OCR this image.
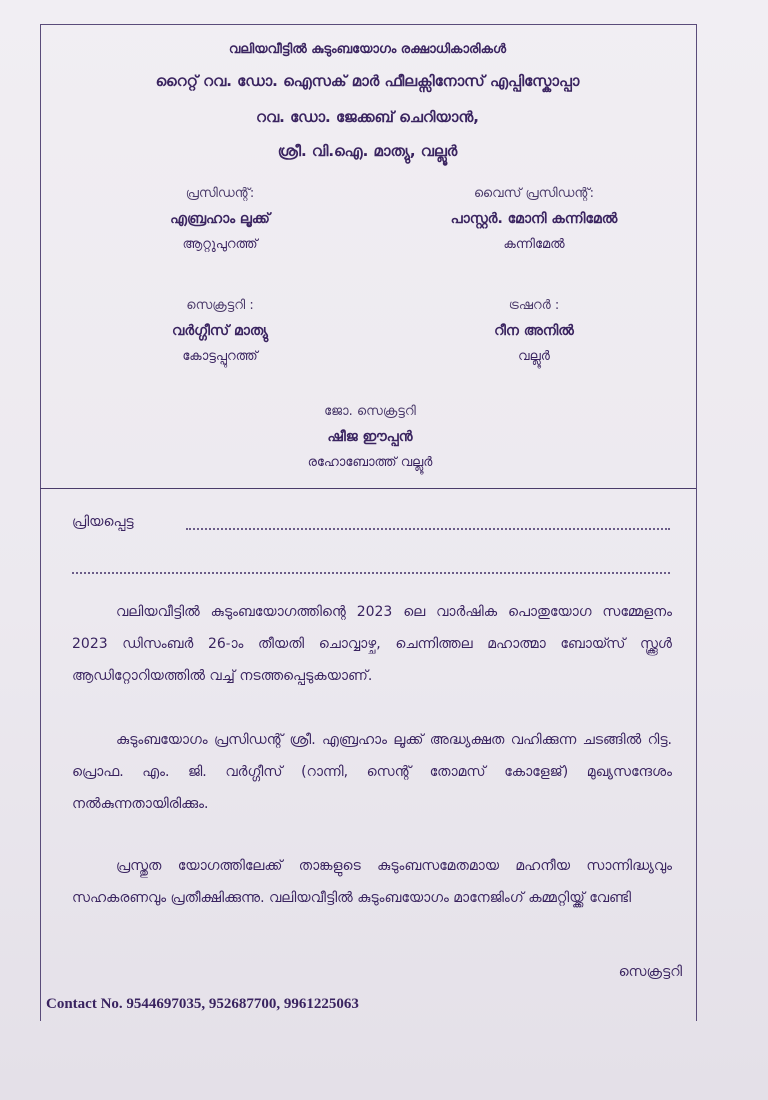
വലിയവീട്ടിൽ കുടുംബയോഗം രക്ഷാധികാരികൾ
റൈറ്റ് റവ. ഡോ. ഐസക് മാർ ഫീലക്സിനോസ് എപ്പിസ്കോപ്പാ
റവ. ഡോ. ജേക്കബ് ചെറിയാൻ,
ശ്രീ. വി.ഐ. മാത്യു, വല്ലൂർ
പ്രസിഡന്റ്:
എബ്രഹാം ലൂക്ക്
ആറ്റുപുറത്ത്
വൈസ് പ്രസിഡന്റ്:
പാസ്റ്റർ. മോനി കന്നിമേൽ
കന്നിമേൽ
സെക്രട്ടറി :
വർഗ്ഗീസ് മാത്യു
കോട്ടപ്പുറത്ത്
ട്രഷറർ :
റീന അനിൽ
വല്ലൂർ
ജോ. സെക്രട്ടറി
ഷീജ ഈപ്പൻ
രഹോബോത്ത് വല്ലൂർ
പ്രിയപ്പെട്ട
വലിയവീട്ടിൽ കുടുംബയോഗത്തിന്റെ 2023 ലെ വാർഷിക പൊതുയോഗ സമ്മേളനം 2023 ഡിസംബർ 26-ാം തീയതി ചൊവ്വാഴ്ച, ചെന്നിത്തല മഹാത്മാ ബോയ്സ് സ്ക്കൂൾ ആഡിറ്റോറിയത്തിൽ വച്ച് നടത്തപ്പെടുകയാണ്.
കുടുംബയോഗം പ്രസിഡന്റ് ശ്രീ. എബ്രഹാം ലൂക്ക് അദ്ധ്യക്ഷത വഹിക്കുന്ന ചടങ്ങിൽ റിട്ട. പ്രൊഫ. എം. ജി. വർഗ്ഗീസ് (റാന്നി, സെന്റ് തോമസ് കോളേജ്) മുഖ്യസന്ദേശം നൽകുന്നതായിരിക്കും.
പ്രസ്തുത യോഗത്തിലേക്ക് താങ്കളുടെ കുടുംബസമേതമായ മഹനീയ സാന്നിദ്ധ്യവും സഹകരണവും പ്രതീക്ഷിക്കുന്നു. വലിയവീട്ടിൽ കുടുംബയോഗം മാനേജിംഗ് കമ്മറ്റിയ്ക്ക് വേണ്ടി
സെക്രട്ടറി
Contact No. 9544697035, 952687700, 9961225063
